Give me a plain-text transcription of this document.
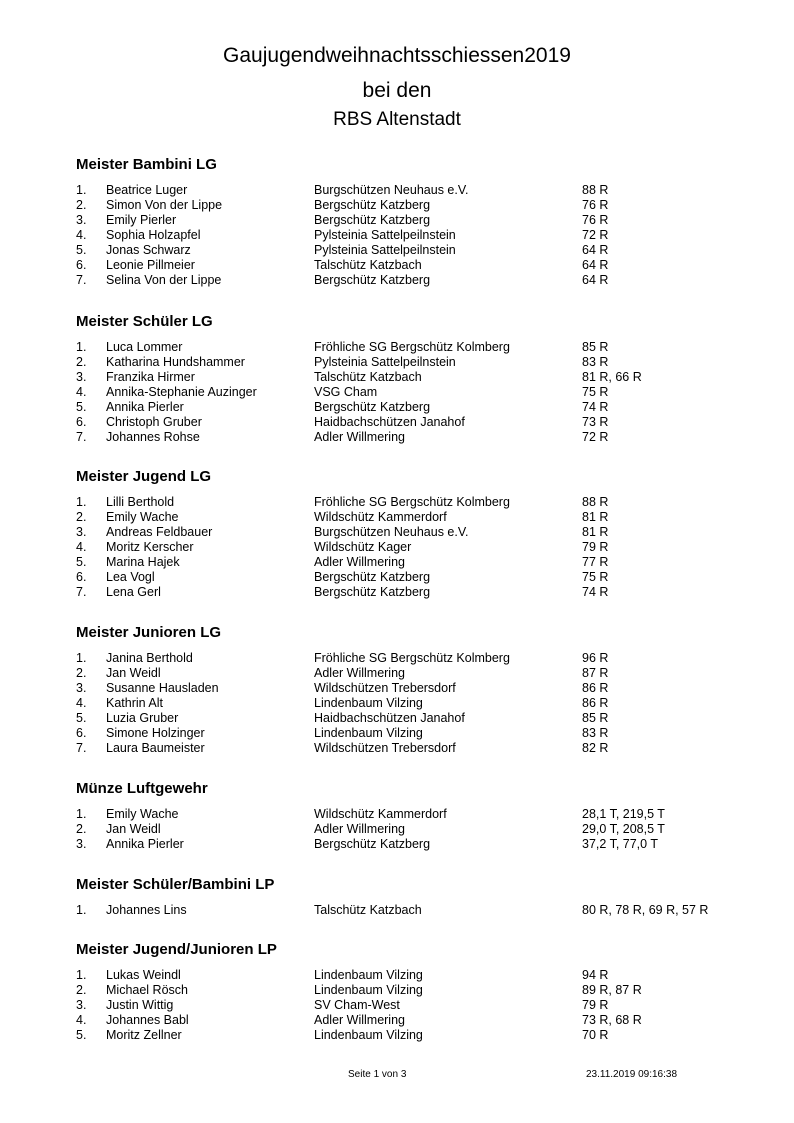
Gaujugendweihnachtsschiessen2019
bei den
RBS Altenstadt
Meister Bambini LG
1. Beatrice Luger	Burgschützen Neuhaus e.V.	88 R
2. Simon Von der Lippe	Bergschütz Katzberg	76 R
3. Emily Pierler	Bergschütz Katzberg	76 R
4. Sophia Holzapfel	Pylsteinia Sattelpeilnstein	72 R
5. Jonas Schwarz	Pylsteinia Sattelpeilnstein	64 R
6. Leonie Pillmeier	Talschütz Katzbach	64 R
7. Selina Von der Lippe	Bergschütz Katzberg	64 R
Meister Schüler LG
1. Luca Lommer	Fröhliche SG Bergschütz Kolmberg	85 R
2. Katharina Hundshammer	Pylsteinia Sattelpeilnstein	83 R
3. Franzika Hirmer	Talschütz Katzbach	81 R, 66 R
4. Annika-Stephanie Auzinger	VSG Cham	75 R
5. Annika Pierler	Bergschütz Katzberg	74 R
6. Christoph Gruber	Haidbachschützen Janahof	73 R
7. Johannes Rohse	Adler Willmering	72 R
Meister Jugend LG
1. Lilli Berthold	Fröhliche SG Bergschütz Kolmberg	88 R
2. Emily Wache	Wildschütz Kammerdorf	81 R
3. Andreas Feldbauer	Burgschützen Neuhaus e.V.	81 R
4. Moritz Kerscher	Wildschütz Kager	79 R
5. Marina Hajek	Adler Willmering	77 R
6. Lea Vogl	Bergschütz Katzberg	75 R
7. Lena Gerl	Bergschütz Katzberg	74 R
Meister Junioren LG
1. Janina Berthold	Fröhliche SG Bergschütz Kolmberg	96 R
2. Jan Weidl	Adler Willmering	87 R
3. Susanne Hausladen	Wildschützen Trebersdorf	86 R
4. Kathrin Alt	Lindenbaum Vilzing	86 R
5. Luzia Gruber	Haidbachschützen Janahof	85 R
6. Simone Holzinger	Lindenbaum Vilzing	83 R
7. Laura Baumeister	Wildschützen Trebersdorf	82 R
Münze Luftgewehr
1. Emily Wache	Wildschütz Kammerdorf	28,1 T, 219,5 T
2. Jan Weidl	Adler Willmering	29,0 T, 208,5 T
3. Annika Pierler	Bergschütz Katzberg	37,2 T, 77,0 T
Meister Schüler/Bambini LP
1. Johannes Lins	Talschütz Katzbach	80 R, 78 R, 69 R, 57 R
Meister Jugend/Junioren LP
1. Lukas Weindl	Lindenbaum Vilzing	94 R
2. Michael Rösch	Lindenbaum Vilzing	89 R, 87 R
3. Justin Wittig	SV Cham-West	79 R
4. Johannes Babl	Adler Willmering	73 R, 68 R
5. Moritz Zellner	Lindenbaum Vilzing	70 R
Seite 1 von 3	23.11.2019 09:16:38
